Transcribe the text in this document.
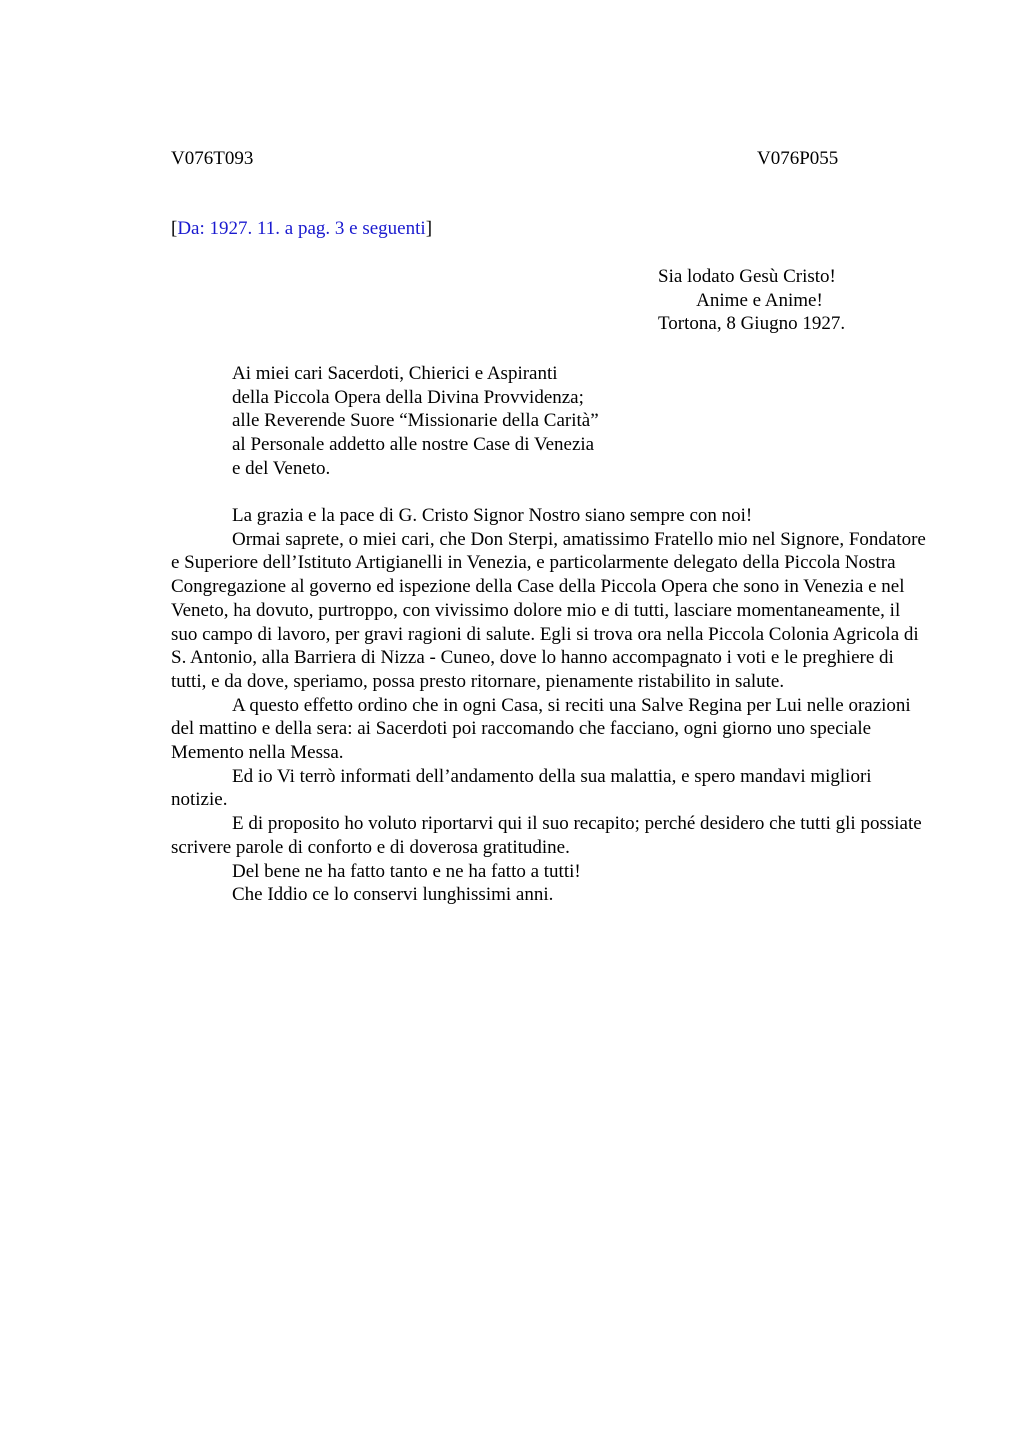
V076T093	V076P055
[Da: 1927. 11. a pag. 3 e seguenti]
Sia lodato Gesù Cristo!
Anime e Anime!
Tortona, 8 Giugno 1927.
Ai miei cari Sacerdoti, Chierici e Aspiranti
della Piccola Opera della Divina Provvidenza;
alle Reverende Suore “Missionarie della Carità”
al Personale addetto alle nostre Case di Venezia
e del Veneto.

La grazia e la pace di G. Cristo Signor Nostro siano sempre con noi!

Ormai saprete, o miei cari, che Don Sterpi, amatissimo Fratello mio nel Signore, Fondatore e Superiore dell’Istituto Artigianelli in Venezia, e particolarmente delegato della Piccola Nostra Congregazione al governo ed ispezione della Case della Piccola Opera che sono in Venezia e nel Veneto, ha dovuto, purtroppo, con vivissimo dolore mio e di tutti, lasciare momentaneamente, il suo campo di lavoro, per gravi ragioni di salute. Egli si trova ora nella Piccola Colonia Agricola di S. Antonio, alla Barriera di Nizza - Cuneo, dove lo hanno accompagnato i voti e le preghiere di tutti, e da dove, speriamo, possa presto ritornare, pienamente ristabilito in salute.

A questo effetto ordino che in ogni Casa, si reciti una Salve Regina per Lui nelle orazioni del mattino e della sera: ai Sacerdoti poi raccomando che facciano, ogni giorno uno speciale Memento nella Messa.

Ed io Vi terrò informati dell’andamento della sua malattia, e spero mandavi migliori notizie.

E di proposito ho voluto riportarvi qui il suo recapito; perché desidero che tutti gli possiate scrivere parole di conforto e di doverosa gratitudine.

Del bene ne ha fatto tanto e ne ha fatto a tutti!

Che Iddio ce lo conservi lunghissimi anni.
